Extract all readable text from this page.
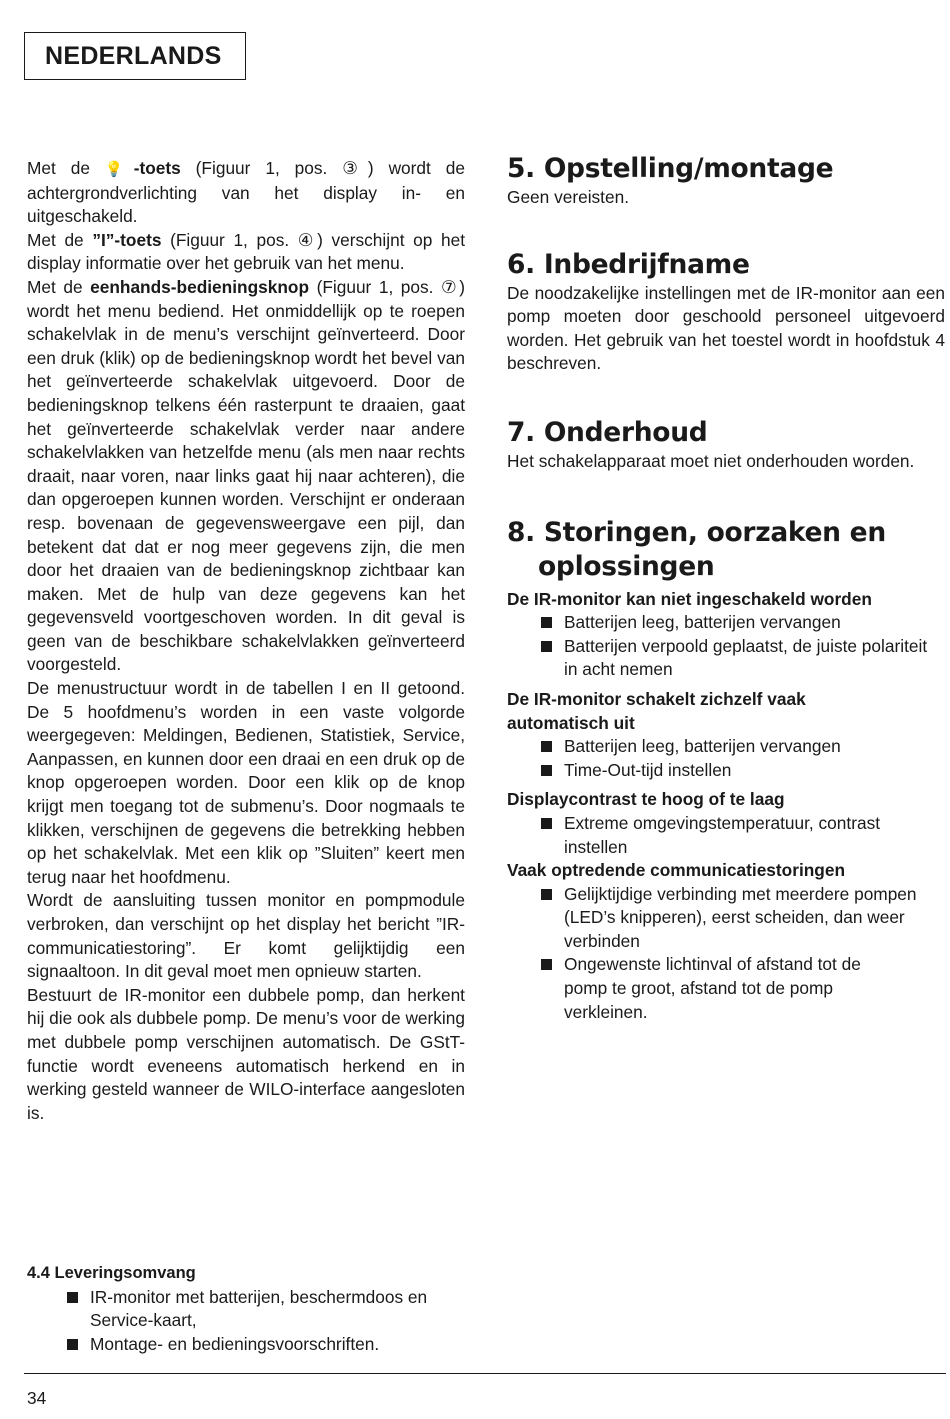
NEDERLANDS

Met de 💡-toets (Figuur 1, pos. ③) wordt de achtergrondverlichting van het display in- en uitgeschakeld.

Met de ”I”-toets (Figuur 1, pos. ④) verschijnt op het display informatie over het gebruik van het menu.

Met de eenhands-bedieningsknop (Figuur 1, pos. ⑦) wordt het menu bediend. Het onmiddellijk op te roepen schakelvlak in de menu’s verschijnt geïnverteerd. Door een druk (klik) op de bedieningsknop wordt het bevel van het geïnverteerde schakelvlak uitgevoerd. Door de bedieningsknop telkens één rasterpunt te draaien, gaat het geïnverteerde schakelvlak verder naar andere schakelvlakken van hetzelfde menu (als men naar rechts draait, naar voren, naar links gaat hij naar achteren), die dan opgeroepen kunnen worden. Verschijnt er onderaan resp. bovenaan de gegevensweergave een pijl, dan betekent dat dat er nog meer gegevens zijn, die men door het draaien van de bedieningsknop zichtbaar kan maken. Met de hulp van deze gegevens kan het gegevensveld voortgeschoven worden. In dit geval is geen van de beschikbare schakelvlakken geïnverteerd voorgesteld.

De menustructuur wordt in de tabellen I en II getoond. De 5 hoofdmenu’s worden in een vaste volgorde weergegeven: Meldingen, Bedienen, Statistiek, Service, Aanpassen, en kunnen door een draai en een druk op de knop opgeroepen worden. Door een klik op de knop krijgt men toegang tot de submenu’s. Door nogmaals te klikken, verschijnen de gegevens die betrekking hebben op het schakelvlak. Met een klik op ”Sluiten” keert men terug naar het hoofdmenu.

Wordt de aansluiting tussen monitor en pompmodule verbroken, dan verschijnt op het display het bericht ”IR-communicatiestoring”. Er komt gelijktijdig een signaaltoon. In dit geval moet men opnieuw starten.

Bestuurt de IR-monitor een dubbele pomp, dan herkent hij die ook als dubbele pomp. De menu’s voor de werking met dubbele pomp verschijnen automatisch. De GStT-functie wordt eveneens automatisch herkend en in werking gesteld wanneer de WILO-interface aangesloten is.

4.4 Leveringsomvang

IR-monitor met batterijen, beschermdoos en Service-kaart,
Montage- en bedieningsvoorschriften.
5. Opstelling/montage

Geen vereisten.

6. Inbedrijfname

De noodzakelijke instellingen met de IR-monitor aan een pomp moeten door geschoold personeel uitgevoerd worden. Het gebruik van het toestel wordt in hoofdstuk 4 beschreven.

7. Onderhoud

Het schakelapparaat moet niet onderhouden worden.

8. Storingen, oorzaken en
oplossingen

De IR-monitor kan niet ingeschakeld worden

Batterijen leeg, batterijen vervangen
Batterijen verpoold geplaatst, de juiste polariteit in acht nemen

De IR-monitor schakelt zichzelf vaak automatisch uit

Batterijen leeg, batterijen vervangen
Time-Out-tijd instellen

Displaycontrast te hoog of te laag

Extreme omgevingstemperatuur, contrast instellen

Vaak optredende communicatiestoringen

Gelijktijdige verbinding met meerdere pompen (LED’s knipperen), eerst scheiden, dan weer verbinden
Ongewenste lichtinval of afstand tot de pomp te groot, afstand tot de pomp verkleinen.
34
